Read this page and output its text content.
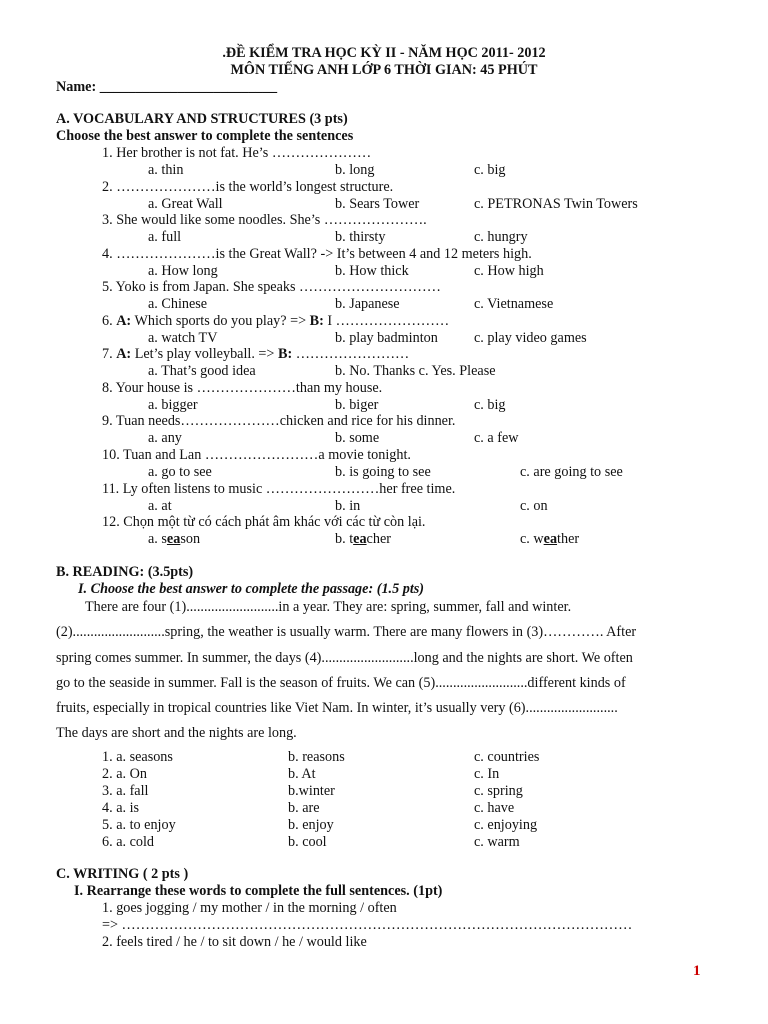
.ĐỀ KIỂM TRA HỌC KỲ II - NĂM HỌC 2011- 2012
MÔN TIẾNG ANH LỚP 6 THỜI GIAN: 45 PHÚT
Name: _________________________
A. VOCABULARY AND STRUCTURES (3 pts)
Choose the best answer to complete the sentences
1. Her brother is not fat. He’s …………………
a. thin	b. long	c. big
2. …………………is the world’s longest structure.
a. Great Wall	b. Sears Tower	c. PETRONAS Twin Towers
3. She would like some noodles. She’s ………………….
a. full	b. thirsty	c. hungry
4. …………………is the Great Wall? -> It’s between 4 and 12 meters high.
a. How long	b. How thick	c. How high
5. Yoko is from Japan. She speaks …………………………
a. Chinese	b. Japanese	c. Vietnamese
6. A: Which sports do you play? => B: I ……………………
a. watch TV	b. play badminton	c. play video games
7. A: Let’s play volleyball. => B: ……………………
a. That’s good idea	b. No. Thanks c. Yes. Please
8. Your house is …………………than my house.
a. bigger	b. biger	c. big
9. Tuan needs…………………chicken and rice for his dinner.
a. any	b. some	c. a few
10. Tuan and Lan ……………………a movie tonight.
a. go to see	b. is going to see	c. are going to see
11. Ly often listens to music ……………………her free time.
a. at	b. in	c. on
12. Chọn một từ có cách phát âm khác với các từ còn lại.
a. season	b. teacher	c. weather
B. READING: (3.5pts)
I. Choose the best answer to complete the passage: (1.5 pts)
There are four (1)..........................in a year. They are: spring, summer, fall and winter.
(2)..........................spring, the weather is usually warm. There are many flowers in (3)…………. After
spring comes summer. In summer, the days (4)..........................long and the nights are short. We often
go to the seaside in summer. Fall is the season of fruits. We can (5)..........................different kinds of
fruits, especially in tropical countries like Viet Nam. In winter, it’s usually very (6)..........................
The days are short and the nights are long.
1. a. seasons	b. reasons	c. countries
2. a. On	b. At	c. In
3. a. fall	b.winter	c. spring
4. a. is	b. are	c. have
5. a. to enjoy	b. enjoy	c. enjoying
6. a. cold	b. cool	c. warm
C. WRITING ( 2 pts )
I. Rearrange these words to complete the full sentences. (1pt)
1. goes jogging / my mother / in the morning / often
=> ………………………………………………………………………………………………
2. feels tired / he / to sit down / he / would like
1
